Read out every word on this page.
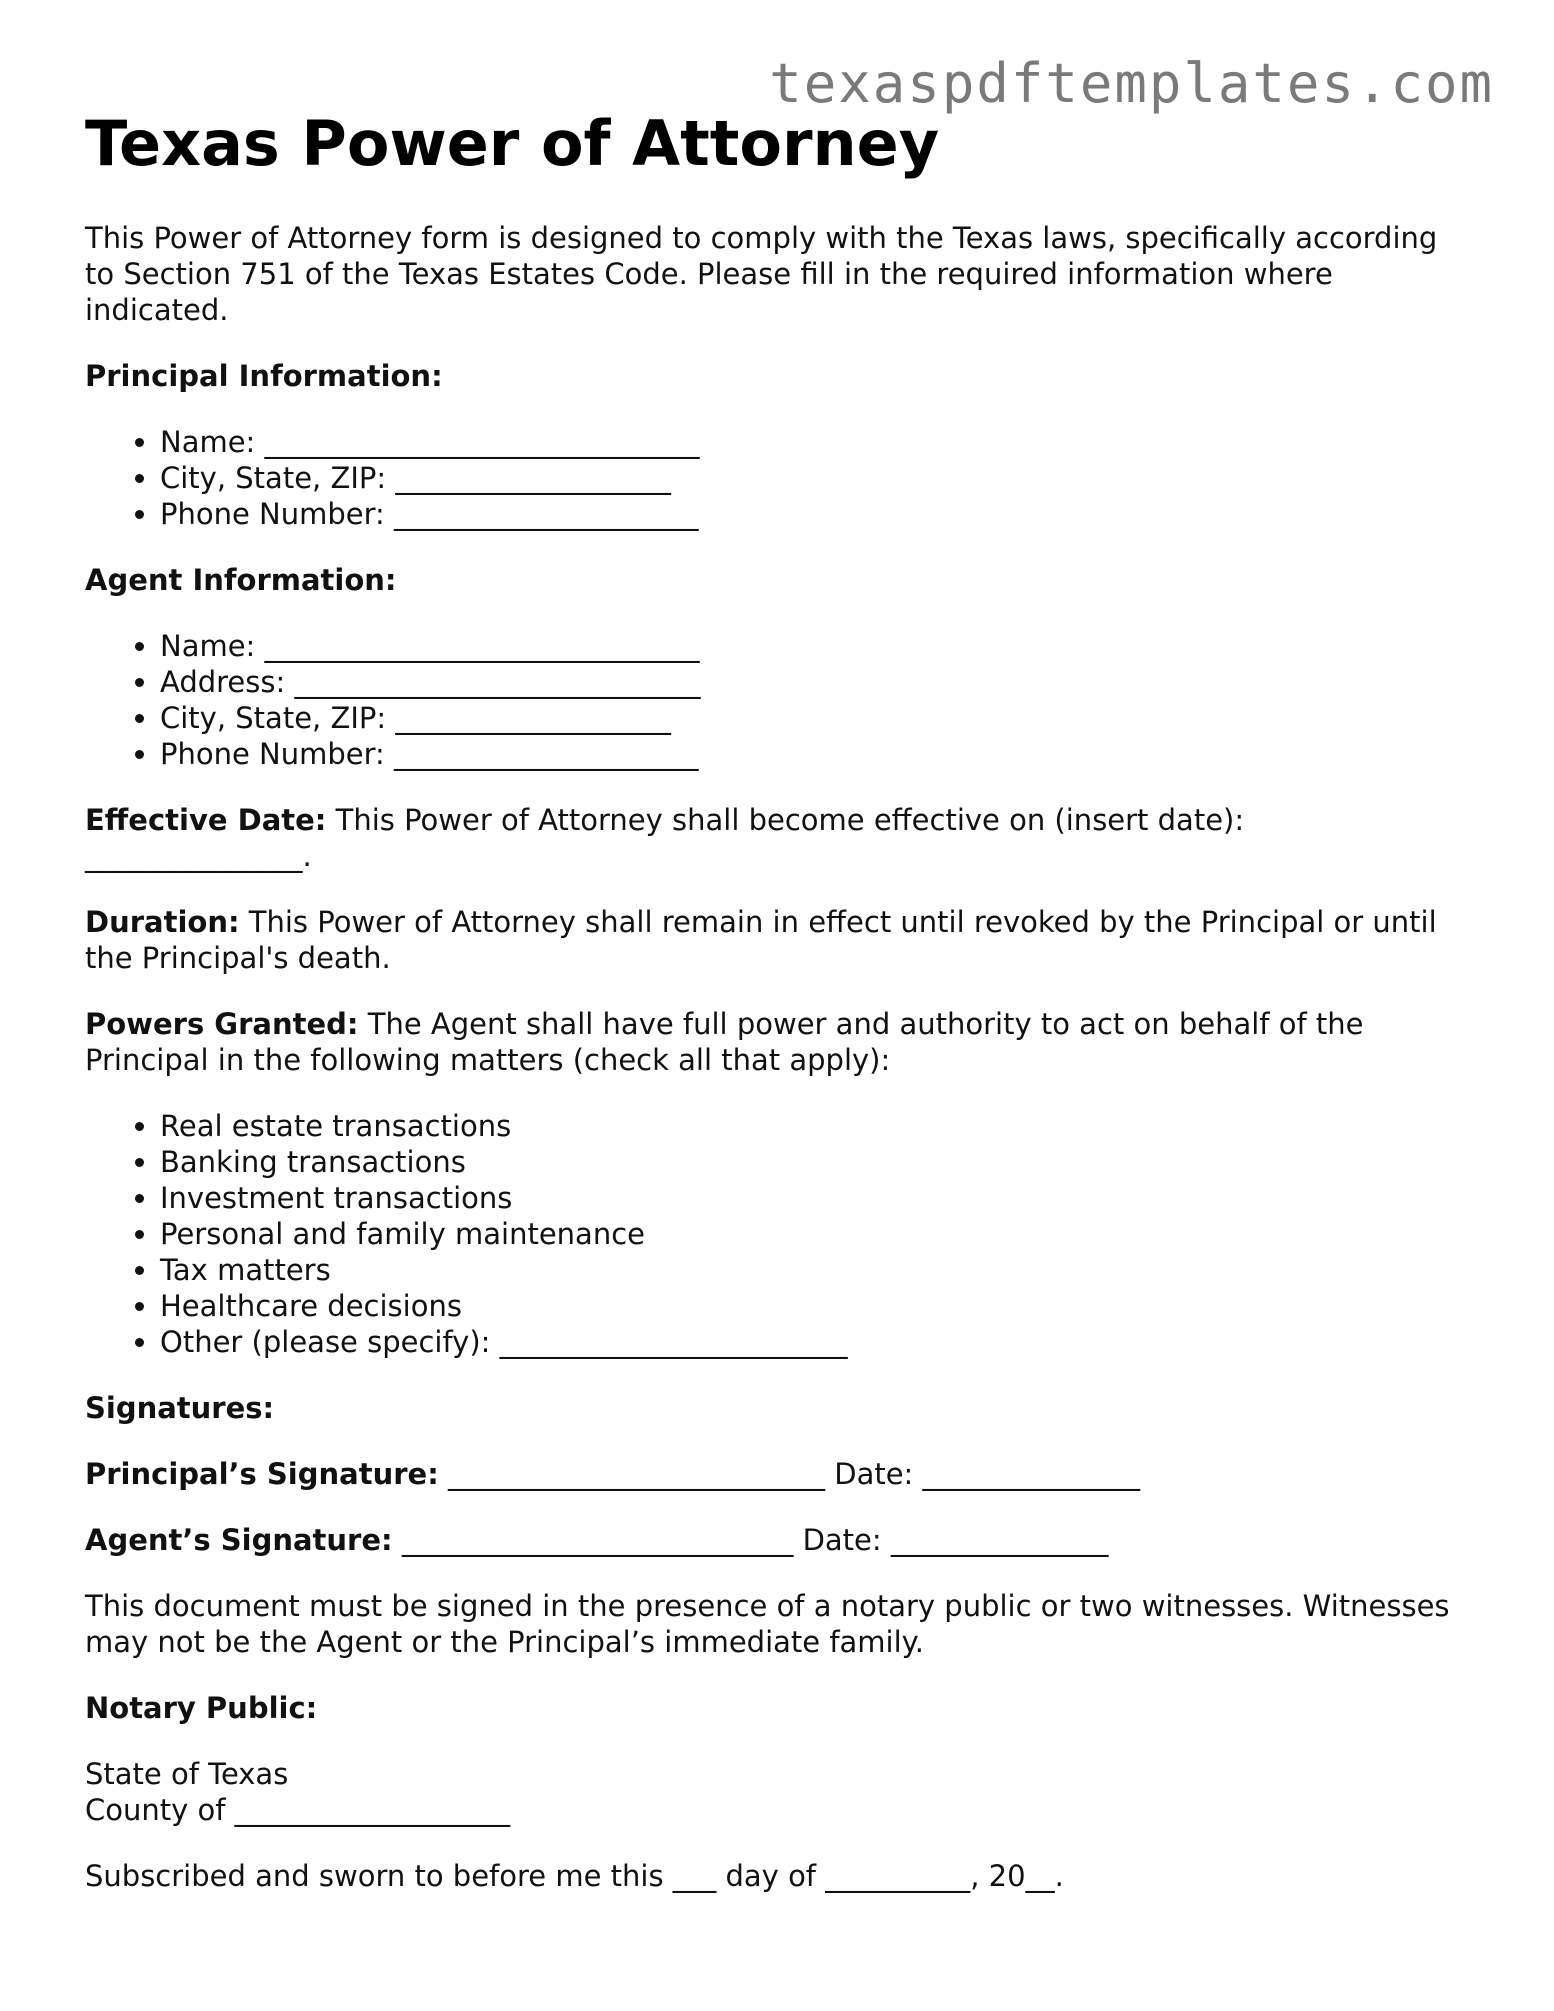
texaspdftemplates.com
Texas Power of Attorney

This Power of Attorney form is designed to comply with the Texas laws, specifically according to Section 751 of the Texas Estates Code. Please fill in the required information where indicated.

Principal Information:
• Name: ______________________________
• City, State, ZIP: ___________________
• Phone Number: _____________________
Agent Information:
• Name: ______________________________
• Address: ____________________________
• City, State, ZIP: ___________________
• Phone Number: _____________________

Effective Date: This Power of Attorney shall become effective on (insert date): _______________.

Duration: This Power of Attorney shall remain in effect until revoked by the Principal or until the Principal's death.

Powers Granted: The Agent shall have full power and authority to act on behalf of the Principal in the following matters (check all that apply):

• Real estate transactions
• Banking transactions
• Investment transactions
• Personal and family maintenance
• Tax matters
• Healthcare decisions
• Other (please specify): ________________________
Signatures:

Principal’s Signature: __________________________ Date: _______________

Agent’s Signature: ___________________________ Date: _______________

This document must be signed in the presence of a notary public or two witnesses. Witnesses may not be the Agent or the Principal’s immediate family.

Notary Public:

State of Texas
County of ___________________

Subscribed and sworn to before me this ___ day of __________, 20__.
